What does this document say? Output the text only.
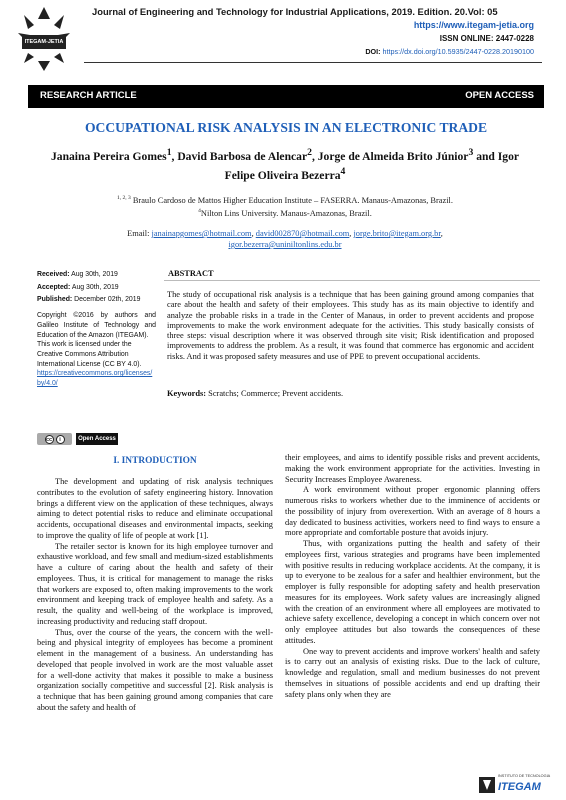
ITEGAM-JETIA
Journal of Engineering and Technology for Industrial Applications, 2019. Edition. 20.Vol: 05
https://www.itegam-jetia.org
ISSN ONLINE: 2447-0228
DOI: https://dx.doi.org/10.5935/2447-0228.20190100
RESEARCH ARTICLE	OPEN ACCESS
OCCUPATIONAL RISK ANALYSIS IN AN ELECTRONIC TRADE
Janaina Pereira Gomes$^1$, David Barbosa de Alencar$^2$, Jorge de Almeida Brito Júnior$^3$ and Igor
Felipe Oliveira Bezerra$^4$
$^{1, 2, 3}$ Braulo Cardoso de Mattos Higher Education Institute – FASERRA. Manaus-Amazonas, Brazil.
$^4$Nilton Lins University. Manaus-Amazonas, Brazil.
Email: janainapgomes@hotmail.com, david002870@hotmail.com, jorge.brito@itegam.org.br,
igor.bezerra@uniniltonlins.edu.br

Received: Aug 30th, 2019

Accepted: Aug 30th, 2019

Published: December 02th, 2019

Copyright ©2016 by authors and Galileo Institute of Technology and Education of the Amazon (ITEGAM).

This work is licensed under the Creative Commons Attribution International License (CC BY 4.0).

https://creativecommons.org/licenses/by/4.0/

ABSTRACT
The study of occupational risk analysis is a technique that has been gaining ground among companies that care about the health and safety of their employees. This study has as its main objective to identify and analyze the probable risks in a trade in the Center of Manaus, in order to prevent accidents and propose improvements to make the work environment adequate for the activities. This study basically consists of three steps: visual description where it was observed through site visit; Risk identification and proposed improvements to address the problem. As a result, it was found that commerce has ergonomic and accident risks. And it was proposed safety measures and use of PPE to prevent occupational accidents.
Keywords: Scratchs; Commerce; Prevent accidents.
cc	i	Open Access
I. INTRODUCTION

The development and updating of risk analysis techniques contributes to the evolution of safety engineering history. Innovation brings a different view on the application of these techniques, always aiming to detect potential risks to reduce and eliminate occupational accidents, occupational diseases and environmental impacts, seeking to improve the quality of life of people at work [1].

The retailer sector is known for its high employee turnover and exhaustive workload, and few small and medium-sized establishments have a culture of caring about the health and safety of their employees. Thus, it is critical for management to manage the risks that workers are exposed to, often making improvements to the work environment and keeping track of employee health and safety. As a result, the quality and well-being of the workplace is improved, increasing productivity and reducing staff dropout.

Thus, over the course of the years, the concern with the well-being and physical integrity of employees has become a prominent element in the management of a business. An understanding has developed that people involved in work are the most valuable asset for a well-done activity that makes it possible to make a business organization socially competitive and successful [2]. Risk analysis is a technique that has been gaining ground among companies that care about the safety and health of

their employees, and aims to identify possible risks and prevent accidents, making the work environment appropriate for the activities. Investing in Security Increases Employee Awareness.

A work environment without proper ergonomic planning offers numerous risks to workers whether due to the imminence of accidents or the possibility of injury from overexertion. With an average of 8 hours a day dedicated to business activities, workers need to find ways to ensure a more appropriate and comfortable posture that avoids injury.

Thus, with organizations putting the health and safety of their employees first, various strategies and programs have been implemented with positive results in reducing workplace accidents. At the company, it is up to everyone to be zealous for a safer and healthier environment, but the employer is fully responsible for adopting safety and health preservation measures for its employees. Work safety values are increasingly aligned with the creation of an environment where all employees are motivated to achieve safety excellence, developing a concept in which concern over not only employee attitudes but also towards the consequences of these attitudes.

One way to prevent accidents and improve workers' health and safety is to carry out an analysis of existing risks. Due to the lack of culture, knowledge and regulation, small and medium businesses do not prevent themselves in situations of possible accidents and end up drafting their safety plans only when they are

INSTITUTO DE TECNOLOGIA
ITEGAM
